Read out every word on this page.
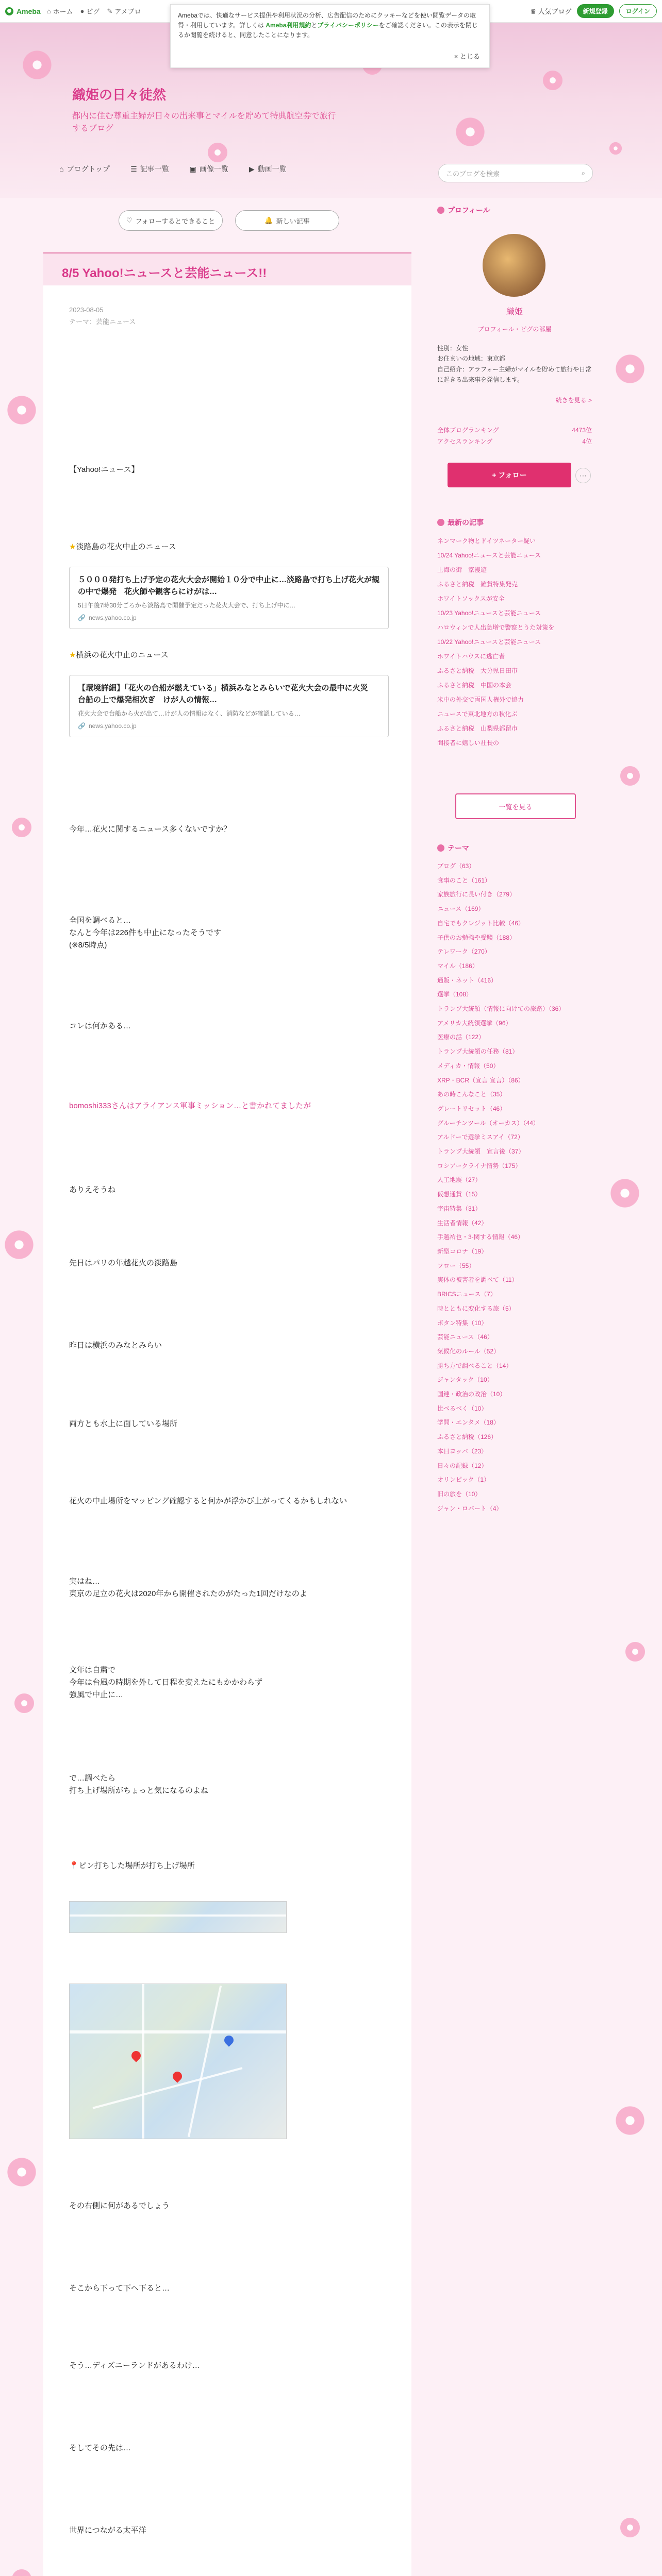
Ameba ⌂ ホーム ● ピグ ✎ アメブロ	♛ 人気ブログ	新規登録	ログイン
Amebaでは、快適なサービス提供や利用状況の分析、広告配信のためにクッキーなどを使い閲覧データの取得・利用しています。詳しくは Ameba利用規約とプライバシーポリシーをご確認ください。この表示を閉じるか閲覧を続けると、同意したことになります。
× とじる
織姫の日々徒然
都内に住む尊重主婦が日々の出来事とマイルを貯めて特典航空券で旅行するブログ
⌂ ブログトップ	☰ 記事一覧	▣ 画像一覧	▶ 動画一覧
このブログを検索	⌕
♡ フォローするとできること	🔔 新しい記事
8/5 Yahoo!ニュースと芸能ニュース!!
2023-08-05
テーマ：芸能ニュース
【Yahoo!ニュース】
★淡路島の花火中止のニュース
５０００発打ち上げ予定の花火大会が開始１０分で中止に…淡路島で打ち上げ花火が観の中で爆発　花火師や観客らにけがは…
5日午後7時30分ごろから淡路島で開催予定だった花火大会で、打ち上げ中に…
🔗 news.yahoo.co.jp
★横浜の花火中止のニュース
【環境詳細】「花火の台船が燃えている」横浜みなとみらいで花火大会の最中に火災　台船の上で爆発相次ぎ　けが人の情報…
花火大会で台船から火が出て…けが人の情報はなく、消防などが確認している…
🔗 news.yahoo.co.jp
今年…花火に関するニュース多くないですか？
全国を調べると…
なんと今年は226件も中止になったそうです
(※8/5時点)
コレは何かある…
bomoshi333さんはアライアンス軍事ミッション…と書かれてましたが
ありえそうね
先日はパリの年越花火の淡路島
昨日は横浜のみなとみらい
両方とも水上に面している場所
花火の中止場所をマッピング確認すると何かが浮かび上がってくるかもしれない
実はね…
東京の足立の花火は2020年から開催されたのがたった1回だけなのよ
文年は自粛で
今年は台風の時期を外して日程を変えたにもかかわらず
強風で中止に…
で…調べたら
打ち上げ場所がちょっと気になるのよね
📍ピン打ちした場所が打ち上げ場所
その右側に何があるでしょう
そこから下って下へ下ると…
そう…ディズニーランドがあるわけ…
そしてその先は…
世界につながる太平洋
プロフィール
織姫
ブロフィール・ピグの部屋
性別：女性
お住まいの地域：東京都
自己紹介：アラフォー主婦がマイルを貯めて旅行や日常に起きる出来事を発信します。
続きを見る >
全体ブログランキング	4473位
アクセスランキング	4位
+ フォロー	⋯
最新の記事
ネンマーク物とドイツネーター疑い
10/24 Yahoo!ニュースと芸能ニュース
上海の街　家漫遊
ふるさと納税　雑貨特集発売
ホワイトソックスが安全
10/23 Yahoo!ニュースと芸能ニュース
ハロウィンで人出急増で警察とうた対策を
10/22 Yahoo!ニュースと芸能ニュース
ホワイトハウスに逃亡者
ふるさと納税　大分県日田市
ふるさと納税　中国の本会
米中の外交で両国人権外で協力
ニュースで東北地方の秋化ぶ
ふるさと納税　山梨県都留市
間接者に嬉しい社長の
一覧を見る
テーマ
ブログ（63）
食事のこと（161）
家族旅行に長い付き（279）
ニュース（169）
自宅でもクレジット比較（46）
子供のお勉強や受験（188）
テレワーク（270）
マイル（186）
通販・ネット（416）
選挙（108）
トランプ大統領（情報に向けての旅路）（36）
アメリカ大統領選挙（96）
医療の話（122）
トランプ大統領の任務（81）
メディカ・情報（50）
XRP・BCR（宣言 宣言）（86）
あの時こんなこと（35）
グレートリセット（46）
グルーチンツール（オーカス）（44）
アルドーで選挙ミスアイ（72）
トランプ大統領　宣言後（37）
ロシアークライナ情勢（175）
人工地震（27）
仮想通貨（15）
宇宙特集（31）
生活者情報（42）
手越祐也・3-関する情報（46）
新型コロナ（19）
フロー（55）
実体の被害者を調べて（11）
BRICSニュース（7）
時とともに変化する旅（5）
ボタン特集（10）
芸能ニュース（46）
気候化のルール（52）
勝ち方で調べること（14）
ジャンタック（10）
国連・政治の政治（10）
比べるべく（10）
学問・エンタメ（18）
ふるさと納税（126）
本日ヨッパ（23）
日々の記録（12）
オリンピック（1）
旧の旅を（10）
ジャン・ロバート（4）
